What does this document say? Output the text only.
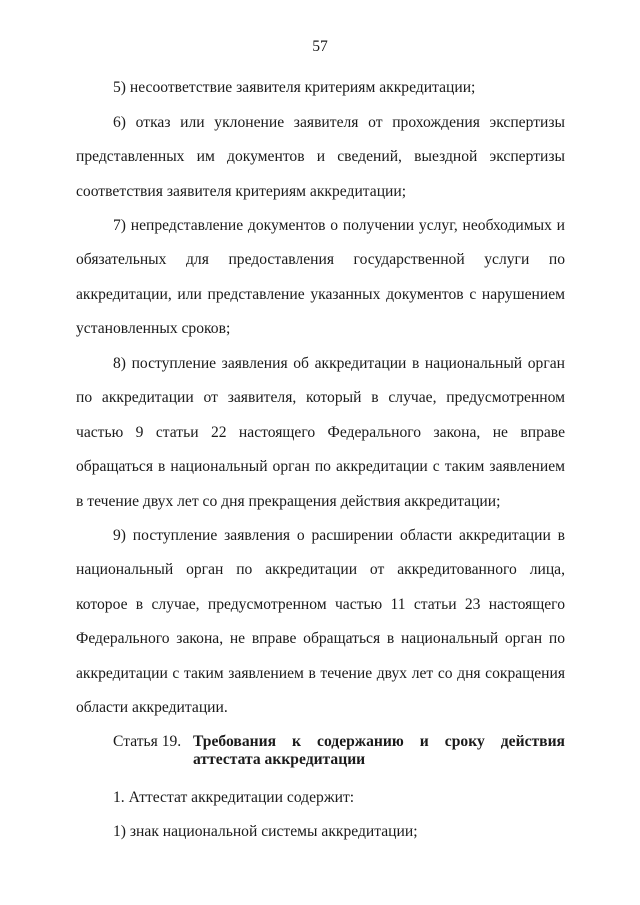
57

5) несоответствие заявителя критериям аккредитации;

6) отказ или уклонение заявителя от прохождения экспертизы представленных им документов и сведений, выездной экспертизы соответствия заявителя критериям аккредитации;

7) непредставление документов о получении услуг, необходимых и обязательных для предоставления государственной услуги по аккредитации, или представление указанных документов с нарушением установленных сроков;

8) поступление заявления об аккредитации в национальный орган по аккредитации от заявителя, который в случае, предусмотренном частью 9 статьи 22 настоящего Федерального закона, не вправе обращаться в национальный орган по аккредитации с таким заявлением в течение двух лет со дня прекращения действия аккредитации;

9) поступление заявления о расширении области аккредитации в национальный орган по аккредитации от аккредитованного лица, которое в случае, предусмотренном частью 11 статьи 23 настоящего Федерального закона, не вправе обращаться в национальный орган по аккредитации с таким заявлением в течение двух лет со дня сокращения области аккредитации.

Статья 19. Требования к содержанию и сроку действия
аттестата аккредитации
1. Аттестат аккредитации содержит:
1) знак национальной системы аккредитации;
